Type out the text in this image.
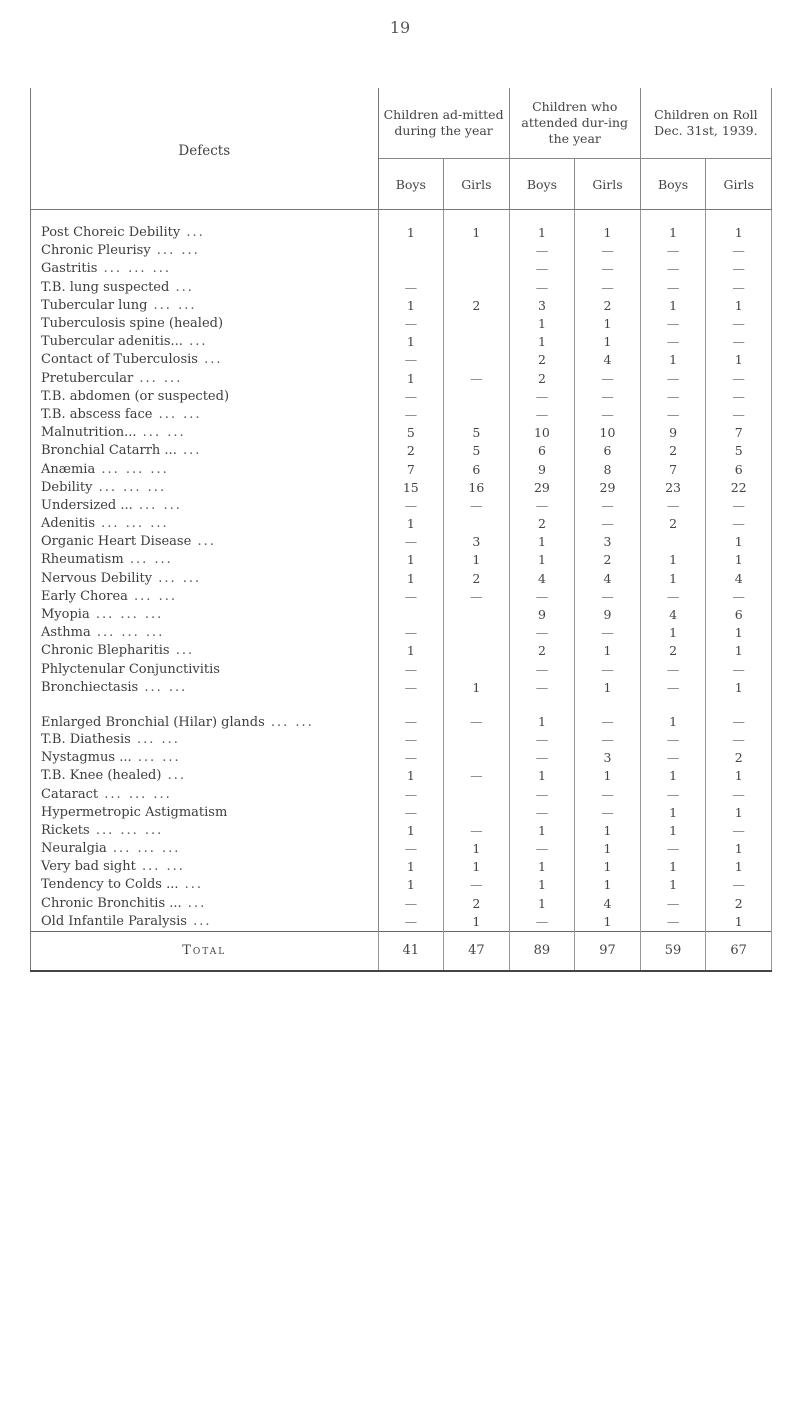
19
Defects	Children ad-mitted during the year		Children who attended dur-ing the year		Children on Roll Dec. 31st, 1939.	
	Boys	Girls	Boys	Girls	Boys	Girls
Post Choreic Debility ...	1	1	1	1	1	1
Chronic Pleurisy ... ...			—	—	—	—
Gastritis ... ... ...			—	—	—	—
T.B. lung suspected ...	—		—	—	—	—
Tubercular lung ... ...	1	2	3	2	1	1
Tuberculosis spine (healed)	—		1	1	—	—
Tubercular adenitis... ...	1		1	1	—	—
Contact of Tuberculosis ...	—		2	4	1	1
Pretubercular ... ...	1	—	2	—	—	—
T.B. abdomen (or suspected)	—		—	—	—	—
T.B. abscess face ... ...	—		—	—	—	—
Malnutrition... ... ...	5	5	10	10	9	7
Bronchial Catarrh ... ...	2	5	6	6	2	5
Anæmia ... ... ...	7	6	9	8	7	6
Debility ... ... ...	15	16	29	29	23	22
Undersized ... ... ...	—	—	—	—	—	—
Adenitis ... ... ...	1		2	—	2	—
Organic Heart Disease ...	—	3	1	3		1
Rheumatism ... ...	1	1	1	2	1	1
Nervous Debility ... ...	1	2	4	4	1	4
Early Chorea ... ...	—	—	—	—	—	—
Myopia ... ... ...			9	9	4	6
Asthma ... ... ...	—		—	—	1	1
Chronic Blepharitis ...	1		2	1	2	1
Phlyctenular Conjunctivitis	—		—	—	—	—
Bronchiectasis ... ...	—	1	—	1	—	1
Enlarged Bronchial (Hilar) glands ... ...	—	—	1	—	1	—
T.B. Diathesis ... ...	—		—	—	—	—
Nystagmus ... ... ...	—		—	3	—	2
T.B. Knee (healed) ...	1	—	1	1	1	1
Cataract ... ... ...	—		—	—	—	—
Hypermetropic Astigmatism	—		—	—	1	1
Rickets ... ... ...	1	—	1	1	1	—
Neuralgia ... ... ...	—	1	—	1	—	1
Very bad sight ... ...	1	1	1	1	1	1
Tendency to Colds ... ...	1	—	1	1	1	—
Chronic Bronchitis ... ...	—	2	1	4	—	2
Old Infantile Paralysis ...	—	1	—	1	—	1
Total	41	47	89	97	59	67
